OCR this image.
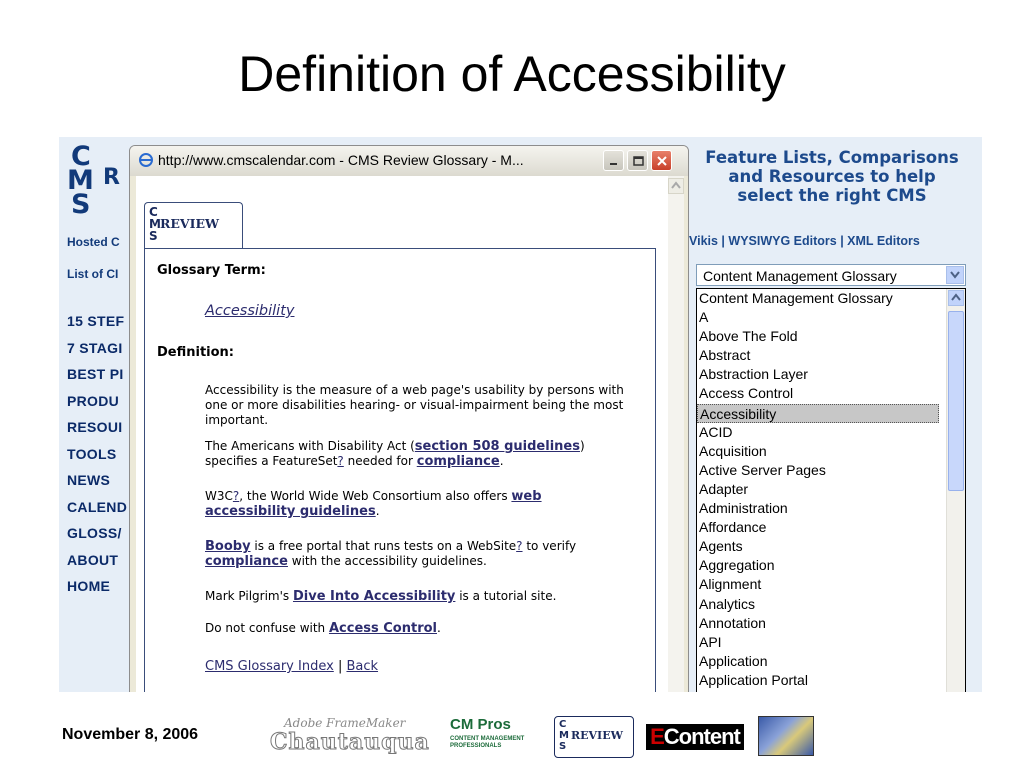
Definition of Accessibility
C
M R
S
Hosted C
List of CI
15 STEF
7 STAGI
BEST PI
PRODU
RESOUI
TOOLS
NEWS
CALEND
GLOSS/
ABOUT
HOME
Feature Lists, Comparisons
and Resources to help
select the right CMS
Vikis | WYSIWYG Editors | XML Editors
Content Management Glossary
Content Management Glossary
A
Above The Fold
Abstract
Abstraction Layer
Access Control
Accessibility
ACID
Acquisition
Active Server Pages
Adapter
Administration
Affordance
Agents
Aggregation
Alignment
Analytics
Annotation
API
Application
Application Portal
http://www.cmscalendar.com - CMS Review Glossary - M...
C
M
S
REVIEW
Glossary Term:
Accessibility
Definition:
Accessibility is the measure of a web page's usability by persons with one or more disabilities hearing- or visual-impairment being the most important.
The Americans with Disability Act (section 508 guidelines) specifies a FeatureSet? needed for compliance.
W3C?, the World Wide Web Consortium also offers web accessibility guidelines.
Booby is a free portal that runs tests on a WebSite? to verify compliance with the accessibility guidelines.
Mark Pilgrim's Dive Into Accessibility is a tutorial site.
Do not confuse with Access Control.
CMS Glossary Index | Back
November 8, 2006
Adobe FrameMaker
Chautauqua
CM Pros
CONTENT MANAGEMENT
PROFESSIONALS
C
M
S
REVIEW EContent
